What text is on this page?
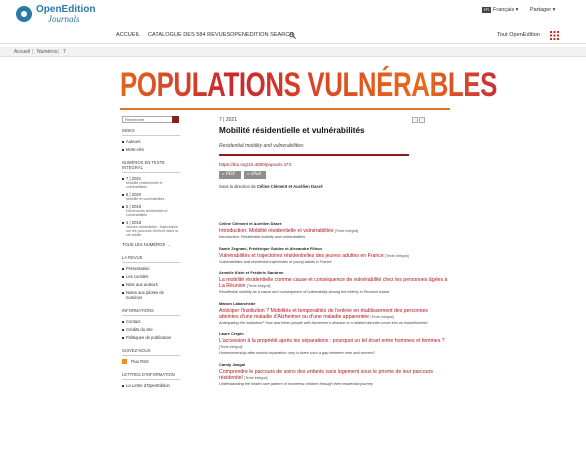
OpenEdition
Journals
FR Français ▾ Partager ▾
ACCUEIL CATALOGUE DES 584 REVUES OPENEDITION SEARCH	Tout OpenEdition
Accueil | Numéros | 7
POPULATIONS VULNÉRABLES
Recherche
INDEX
Auteurs
Mots-clés
NUMÉROS EN TEXTE INTÉGRAL
7 | 2021
Mobilité résidentielle et vulnérabilités
6 | 2020
Mobilité et vulnérabilités
5 | 2019
Dimensions territoriales et vulnérabilités
4 | 2018
Jeunes vulnérables : trajectoires sur les parcours d'entrée dans la vie adulte
TOUS LES NUMÉROS →
LA REVUE
Présentation
Les comités
Note aux auteurs
Notes aux pilotes de numéros
INFORMATIONS
Contact
Crédits du site
Politiques de publication
SUIVEZ-NOUS
Flux RSS
LETTRES D'INFORMATION
La Lettre d'OpenEdition
‹	›
7 | 2021
Mobilité résidentielle et vulnérabilités
Residential mobility and vulnerabilities
https://doi.org/10.4000/popvuln.473
» PDF	» ePub
Sous la direction de Céline Clément et Aurélien Dasré
Céline Clément et Aurélien Dasré
Introduction. Mobilité résidentielle et vulnérabilités [Texte intégral]
Introduction. Residential mobility and vulnerabilities
Samir Zegnani, Frédérique Guidez et Alexandra Filhon
Vulnérabilités et trajectoires résidentielles des jeunes adultes en France [Texte intégral]
Vulnerabilities and residential trajectories of young adults in France
Armelle Klein et Frédéric Sandron
La mobilité résidentielle comme cause et conséquence de vulnérabilité chez les personnes âgées à La Réunion [Texte intégral]
Residential mobility as a cause and consequence of vulnerability among the elderly in Reunion Island
Manon Labarchède
Anticiper l'institution ? Mobilités et temporalités de l'entrée en établissement des personnes atteintes d'une maladie d'Alzheimer ou d'une maladie apparentée [Texte intégral]
Anticipating the institution? How and when people with Alzheimer's disease or a related disorder move into an establishment
Laure Crepin
L'accession à la propriété après les séparations : pourquoi un tel écart entre hommes et femmes ? [Texte intégral]
Homeownership after marital separation: why is there such a gap between men and women?
Candy Jangal
Comprendre le parcours de soins des enfants sans logement sous le prisme de leur parcours résidentiel [Texte intégral]
Understanding the health care pattern of homeless children through their residential journey
